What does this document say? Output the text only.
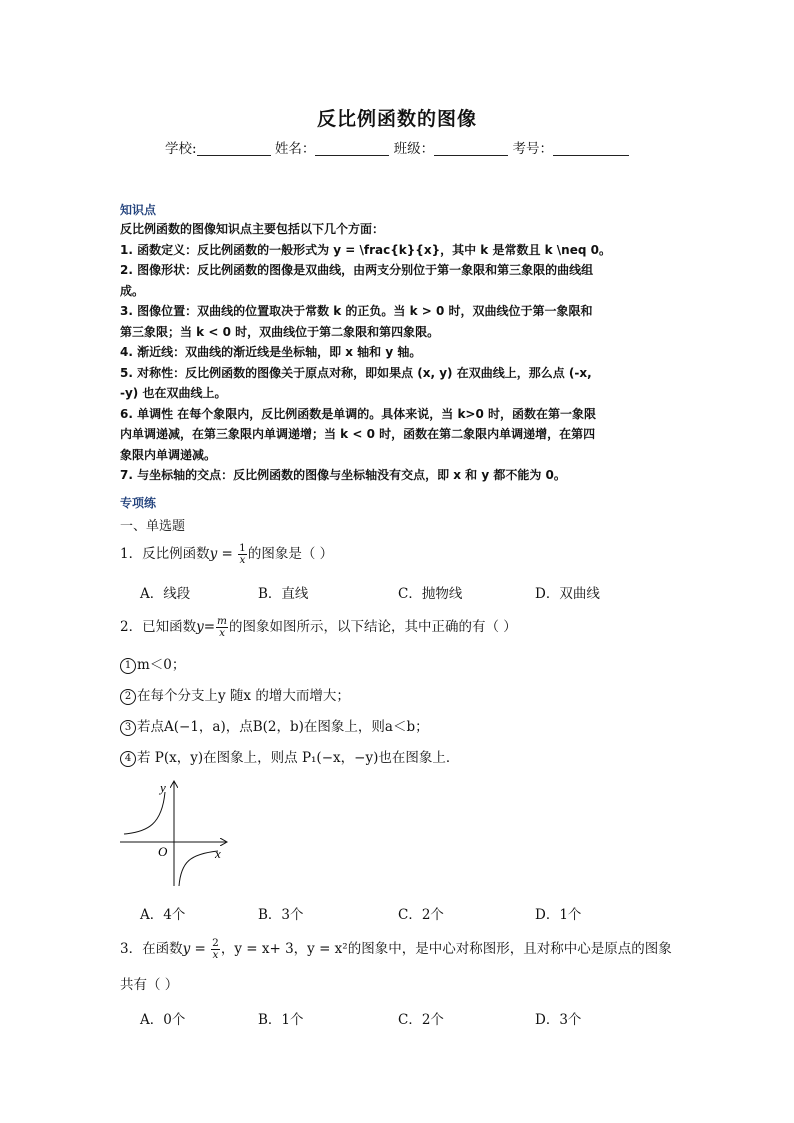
反比例函数的图像
学校:	姓名：	班级：	考号：
知识点
反比例函数的图像知识点主要包括以下几个方面：
1. 函数定义：反比例函数的一般形式为 y = \frac{k}{x}，其中 k 是常数且 k \neq 0。
2. 图像形状：反比例函数的图像是双曲线，由两支分别位于第一象限和第三象限的曲线组
成。
3. 图像位置：双曲线的位置取决于常数 k 的正负。当 k > 0 时，双曲线位于第一象限和
第三象限；当 k < 0 时，双曲线位于第二象限和第四象限。
4. 渐近线：双曲线的渐近线是坐标轴，即 x 轴和 y 轴。
5. 对称性：反比例函数的图像关于原点对称，即如果点 (x, y) 在双曲线上，那么点 (-x,
-y) 也在双曲线上。
6. 单调性 在每个象限内，反比例函数是单调的。具体来说，当 k>0 时，函数在第一象限
内单调递减，在第三象限内单调递增；当 k < 0 时，函数在第二象限内单调递增，在第四
象限内单调递减。
7. 与坐标轴的交点：反比例函数的图像与坐标轴没有交点，即 x 和 y 都不能为 0。
专项练
一、单选题
1．反比例函数$y = \frac{1}{x}$ 的图象是（ ）
A．线段	B．直线	C．抛物线	D．双曲线
2．已知函数$y= \frac{m}{x}$ 的图象如图所示，以下结论，其中正确的有（ ）
1 m＜0；
2 在每个分支上y 随x 的增大而增大；
3 若点A(−1，a)，点B(2，b)在图象上，则a＜b；
4 若 P(x，y)在图象上，则点 P₁(−x，−y)也在图象上．
y
x
O
A．4个	B．3个	C．2个	D．1个
3．在函数$y = \frac{2}{x}$ ，y = x+ 3，y = x²的图象中，是中心对称图形，且对称中心是原点的图象
共有（ ）
A．0个	B．1个	C．2个	D．3个
